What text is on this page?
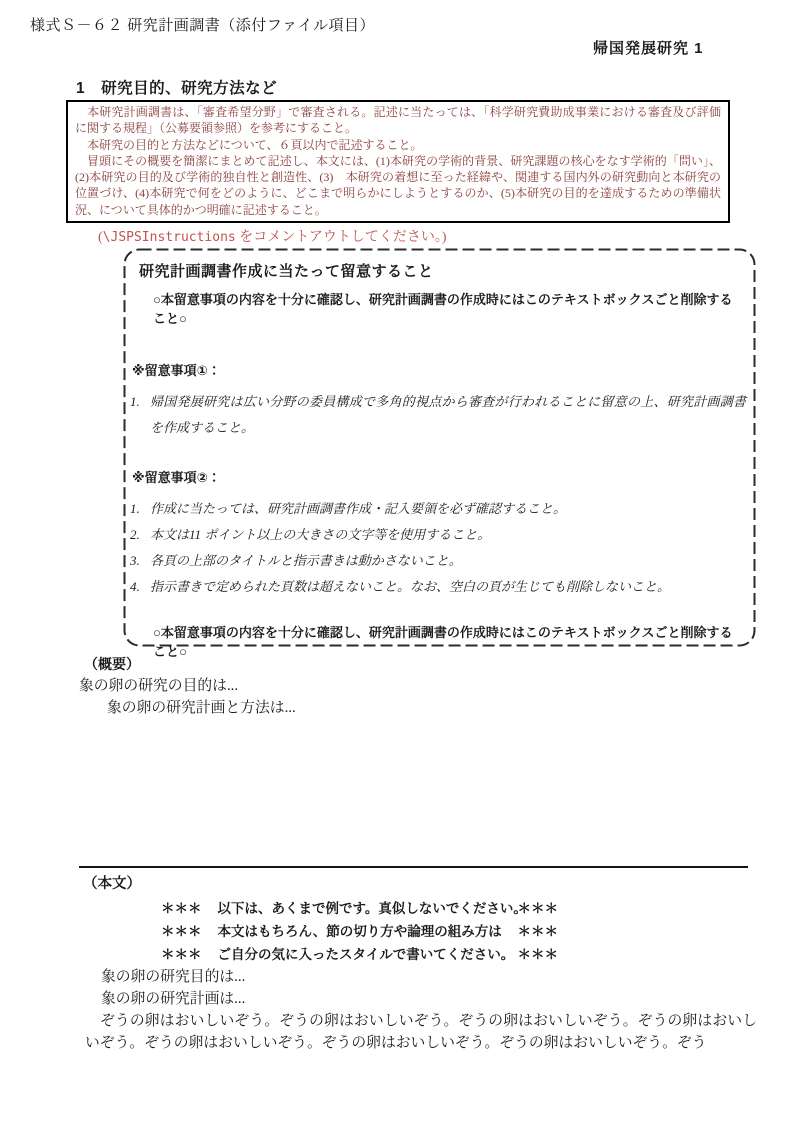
様式Ｓ－６２ 研究計画調書（添付ファイル項目）
帰国発展研究 1
1　研究目的、研究方法など

本研究計画調書は、「審査希望分野」で審査される。記述に当たっては、「科学研究費助成事業における審査及び評価に関する規程」（公募要領参照）を参考にすること。

本研究の目的と方法などについて、６頁以内で記述すること。

冒頭にその概要を簡潔にまとめて記述し、本文には、(1)本研究の学術的背景、研究課題の核心をなす学術的「問い」、(2)本研究の目的及び学術的独自性と創造性、(3)　本研究の着想に至った経緯や、関連する国内外の研究動向と本研究の位置づけ、(4)本研究で何をどのように、どこまで明らかにしようとするのか、(5)本研究の目的を達成するための準備状況、について具体的かつ明確に記述すること。

(\JSPSInstructions をコメントアウトしてください。)
研究計画調書作成に当たって留意すること
○本留意事項の内容を十分に確認し、研究計画調書の作成時にはこのテキストボックスごと削除すること○
※留意事項①：
1. 帰国発展研究は広い分野の委員構成で多角的視点から審査が行われることに留意の上、研究計画調書を作成すること。
※留意事項②：
1. 作成に当たっては、研究計画調書作成・記入要領を必ず確認すること。
2. 本文は11 ポイント以上の大きさの文字等を使用すること。
3. 各頁の上部のタイトルと指示書きは動かさないこと。
4. 指示書きで定められた頁数は超えないこと。なお、空白の頁が生じても削除しないこと。
○本留意事項の内容を十分に確認し、研究計画調書の作成時にはこのテキストボックスごと削除すること○
（概要）
象の卵の研究の目的は...
象の卵の研究計画と方法は...
（本文）
＊＊＊ 以下は、あくまで例です。真似しないでください。
＊＊＊
＊＊＊ 本文はもちろん、節の切り方や論理の組み方は	＊＊＊
＊＊＊ ご自分の気に入ったスタイルで書いてください。 ＊＊＊
象の卵の研究目的は...
象の卵の研究計画は...
ぞうの卵はおいしいぞう。ぞうの卵はおいしいぞう。ぞうの卵はおいしいぞう。ぞうの卵はおいしいぞう。ぞうの卵はおいしいぞう。ぞうの卵はおいしいぞう。ぞうの卵はおいしいぞう。ぞう
